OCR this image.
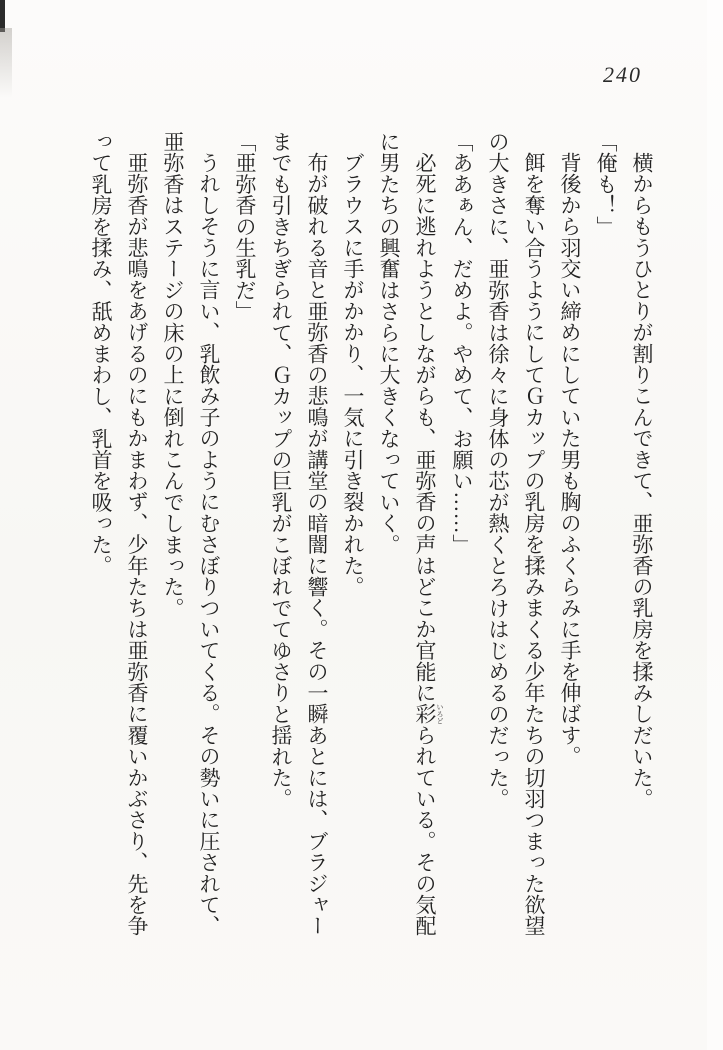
240

横からもうひとりが割りこんできて、亜弥香の乳房を揉みしだいた。

「俺も！」

背後から羽交い締めにしていた男も胸のふくらみに手を伸ばす。

餌を奪い合うようにしてＧカップの乳房を揉みまくる少年たちの切羽つまった欲望の大きさに、亜弥香は徐々に身体の芯が熱くとろけはじめるのだった。

「ああぁん、だめよ。やめて、お願い……」

必死に逃れようとしながらも、亜弥香の声はどこか官能に彩 いろどられている。その気配に男たちの興奮はさらに大きくなっていく。

ブラウスに手がかかり、一気に引き裂かれた。

布が破れる音と亜弥香の悲鳴が講堂の暗闇に響く。その一瞬あとには、ブラジャーまでも引きちぎられて、Ｇカップの巨乳がこぼれでてゆさりと揺れた。

「亜弥香の生乳だ」

うれしそうに言い、乳飲み子のようにむさぼりついてくる。その勢いに圧されて、亜弥香はステージの床の上に倒れこんでしまった。

亜弥香が悲鳴をあげるのにもかまわず、少年たちは亜弥香に覆いかぶさり、先を争って乳房を揉み、舐めまわし、乳首を吸った。
